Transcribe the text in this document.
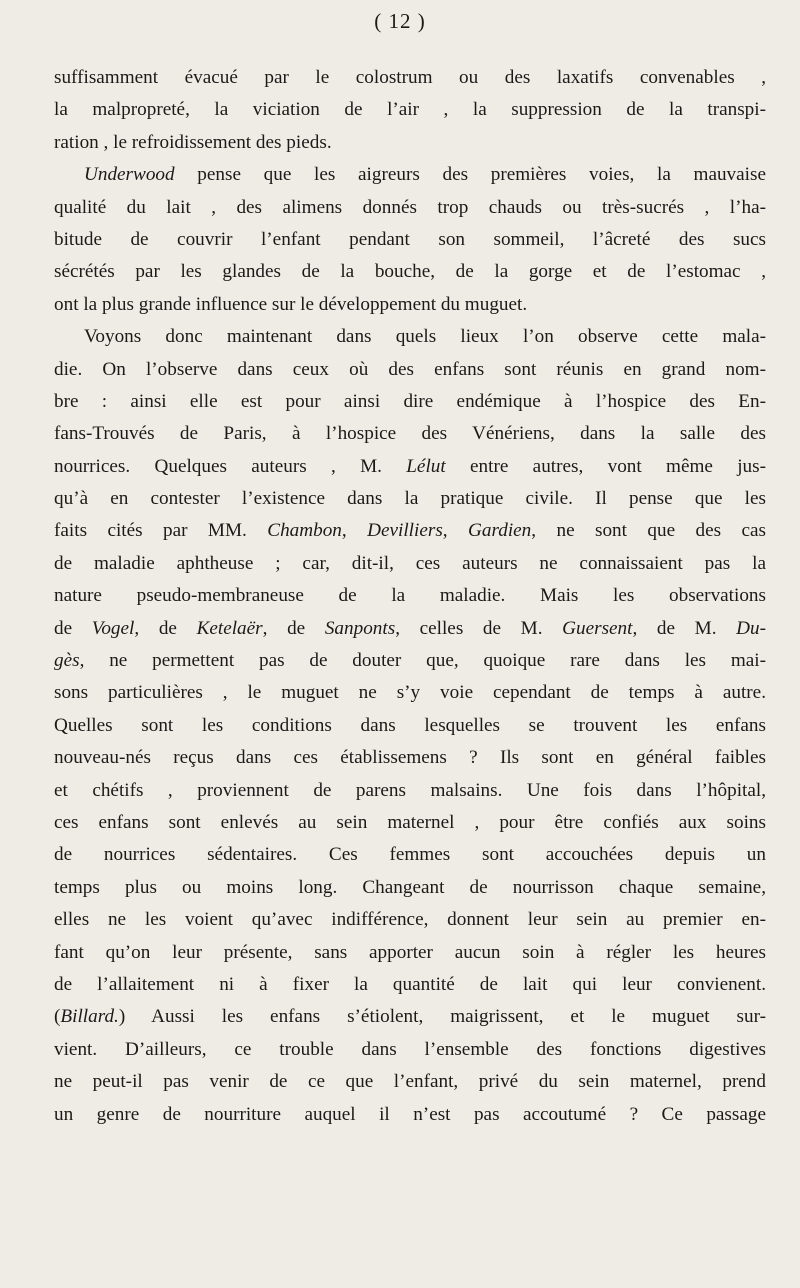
( 12 )
suffisamment évacué par le colostrum ou des laxatifs convenables ,
la malpropreté, la viciation de l’air , la suppression de la transpi-
ration , le refroidissement des pieds.
Underwood pense que les aigreurs des premières voies, la mauvaise
qualité du lait , des alimens donnés trop chauds ou très-sucrés , l’ha-
bitude de couvrir l’enfant pendant son sommeil, l’âcreté des sucs
sécrétés par les glandes de la bouche, de la gorge et de l’estomac ,
ont la plus grande influence sur le développement du muguet.
Voyons donc maintenant dans quels lieux l’on observe cette mala-
die. On l’observe dans ceux où des enfans sont réunis en grand nom-
bre : ainsi elle est pour ainsi dire endémique à l’hospice des En-
fans-Trouvés de Paris, à l’hospice des Vénériens, dans la salle des
nourrices. Quelques auteurs , M. Lélut entre autres, vont même jus-
qu’à en contester l’existence dans la pratique civile. Il pense que les
faits cités par MM. Chambon, Devilliers, Gardien, ne sont que des cas
de maladie aphtheuse ; car, dit-il, ces auteurs ne connaissaient pas la
nature pseudo-membraneuse de la maladie. Mais les observations
de Vogel, de Ketelaër, de Sanponts, celles de M. Guersent, de M. Du-
gès, ne permettent pas de douter que, quoique rare dans les mai-
sons particulières , le muguet ne s’y voie cependant de temps à autre.
Quelles sont les conditions dans lesquelles se trouvent les enfans
nouveau-nés reçus dans ces établissemens ? Ils sont en général faibles
et chétifs , proviennent de parens malsains. Une fois dans l’hôpital,
ces enfans sont enlevés au sein maternel , pour être confiés aux soins
de nourrices sédentaires. Ces femmes sont accouchées depuis un
temps plus ou moins long. Changeant de nourrisson chaque semaine,
elles ne les voient qu’avec indifférence, donnent leur sein au premier en-
fant qu’on leur présente, sans apporter aucun soin à régler les heures
de l’allaitement ni à fixer la quantité de lait qui leur convienent.
(Billard.) Aussi les enfans s’étiolent, maigrissent, et le muguet sur-
vient. D’ailleurs, ce trouble dans l’ensemble des fonctions digestives
ne peut-il pas venir de ce que l’enfant, privé du sein maternel, prend
un genre de nourriture auquel il n’est pas accoutumé ? Ce passage
